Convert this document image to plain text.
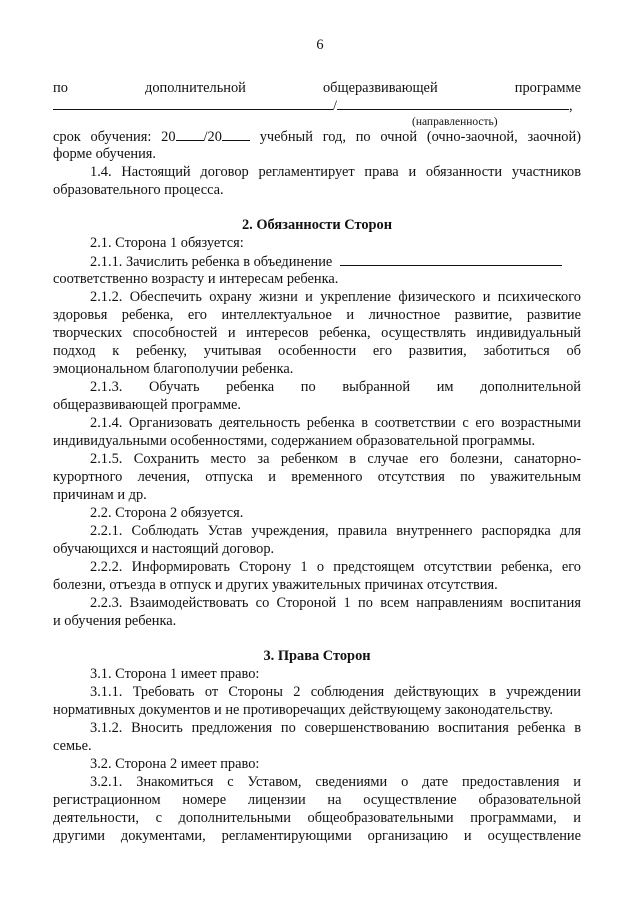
6
по	дополнительной	общеразвивающей	программе
/	,
(направленность)
срок обучения: 20 /20 учебный год, по очной (очно-заочной, заочной)
форме обучения.
1.4. Настоящий договор регламентирует права и обязанности участников
образовательного процесса.
2. Обязанности Сторон
2.1. Сторона 1 обязуется:
2.1.1. Зачислить ребенка в объединение
соответственно возрасту и интересам ребенка.
2.1.2. Обеспечить охрану жизни и укрепление физического и психического
здоровья ребенка, его интеллектуальное и личностное развитие, развитие
творческих способностей и интересов ребенка, осуществлять индивидуальный
подход к ребенку, учитывая особенности его развития, заботиться об
эмоциональном благополучии ребенка.
2.1.3. Обучать ребенка по выбранной им дополнительной
общеразвивающей программе.
2.1.4. Организовать деятельность ребенка в соответствии с его возрастными
индивидуальными особенностями, содержанием образовательной программы.
2.1.5. Сохранить место за ребенком в случае его болезни, санаторно-
курортного лечения, отпуска и временного отсутствия по уважительным
причинам и др.
2.2. Сторона 2 обязуется.
2.2.1. Соблюдать Устав учреждения, правила внутреннего распорядка для
обучающихся и настоящий договор.
2.2.2. Информировать Сторону 1 о предстоящем отсутствии ребенка, его
болезни, отъезда в отпуск и других уважительных причинах отсутствия.
2.2.3. Взаимодействовать со Стороной 1 по всем направлениям воспитания
и обучения ребенка.
3. Права Сторон
3.1. Сторона 1 имеет право:
3.1.1. Требовать от Стороны 2 соблюдения действующих в учреждении
нормативных документов и не противоречащих действующему законодательству.
3.1.2. Вносить предложения по совершенствованию воспитания ребенка в
семье.
3.2. Сторона 2 имеет право:
3.2.1. Знакомиться с Уставом, сведениями о дате предоставления и
регистрационном номере лицензии на осуществление образовательной
деятельности, с дополнительными общеобразовательными программами, и
другими документами, регламентирующими организацию и осуществление
